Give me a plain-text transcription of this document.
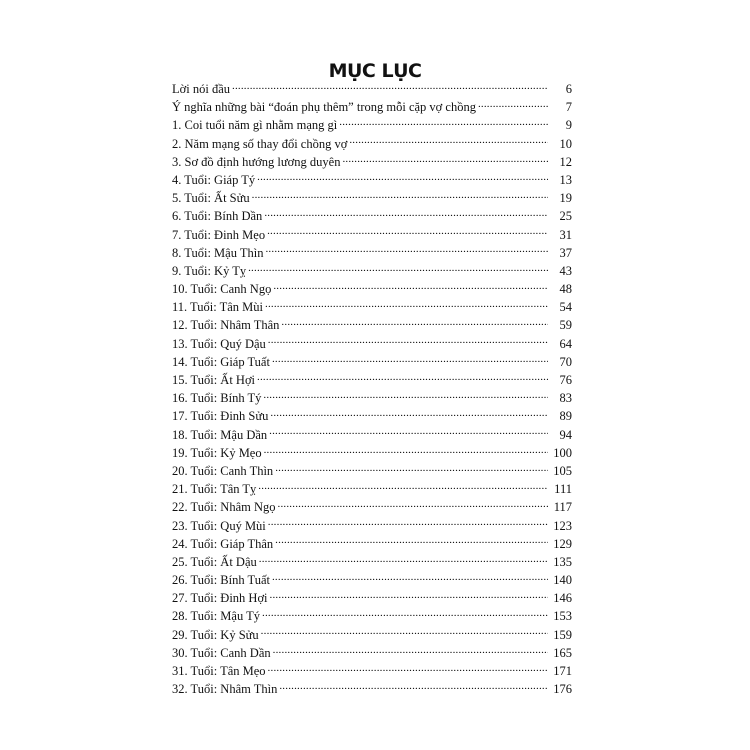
MỤC LỤC
Lời nói đầu .....	6
Ý nghĩa những bài “đoán phụ thêm” trong mỗi cặp vợ chồng .....	7
1. Coi tuổi năm gì nhằm mạng gì .....	9
2. Năm mạng số thay đổi chồng vợ .....	10
3. Sơ đồ định hướng lương duyên .....	12
4. Tuổi: Giáp Tý .....	13
5. Tuổi: Ất Sửu .....	19
6. Tuổi: Bính Dần .....	25
7. Tuổi: Đinh Mẹo .....	31
8. Tuổi: Mậu Thìn .....	37
9. Tuổi: Kỷ Tỵ .....	43
10. Tuổi: Canh Ngọ .....	48
11. Tuổi: Tân Mùi .....	54
12. Tuổi: Nhâm Thân .....	59
13. Tuổi: Quý Dậu .....	64
14. Tuổi: Giáp Tuất .....	70
15. Tuổi: Ất Hợi .....	76
16. Tuổi: Bính Tý .....	83
17. Tuổi: Đinh Sửu .....	89
18. Tuổi: Mậu Dần .....	94
19. Tuổi: Kỷ Mẹo .....	100
20. Tuổi: Canh Thìn .....	105
21. Tuổi: Tân Tỵ .....	111
22. Tuổi: Nhâm Ngọ .....	117
23. Tuổi: Quý Mùi .....	123
24. Tuổi: Giáp Thân .....	129
25. Tuổi: Ất Dậu .....	135
26. Tuổi: Bính Tuất .....	140
27. Tuổi: Đinh Hợi .....	146
28. Tuổi: Mậu Tý .....	153
29. Tuổi: Kỷ Sửu .....	159
30. Tuổi: Canh Dần .....	165
31. Tuổi: Tân Mẹo .....	171
32. Tuổi: Nhâm Thìn .....	176
